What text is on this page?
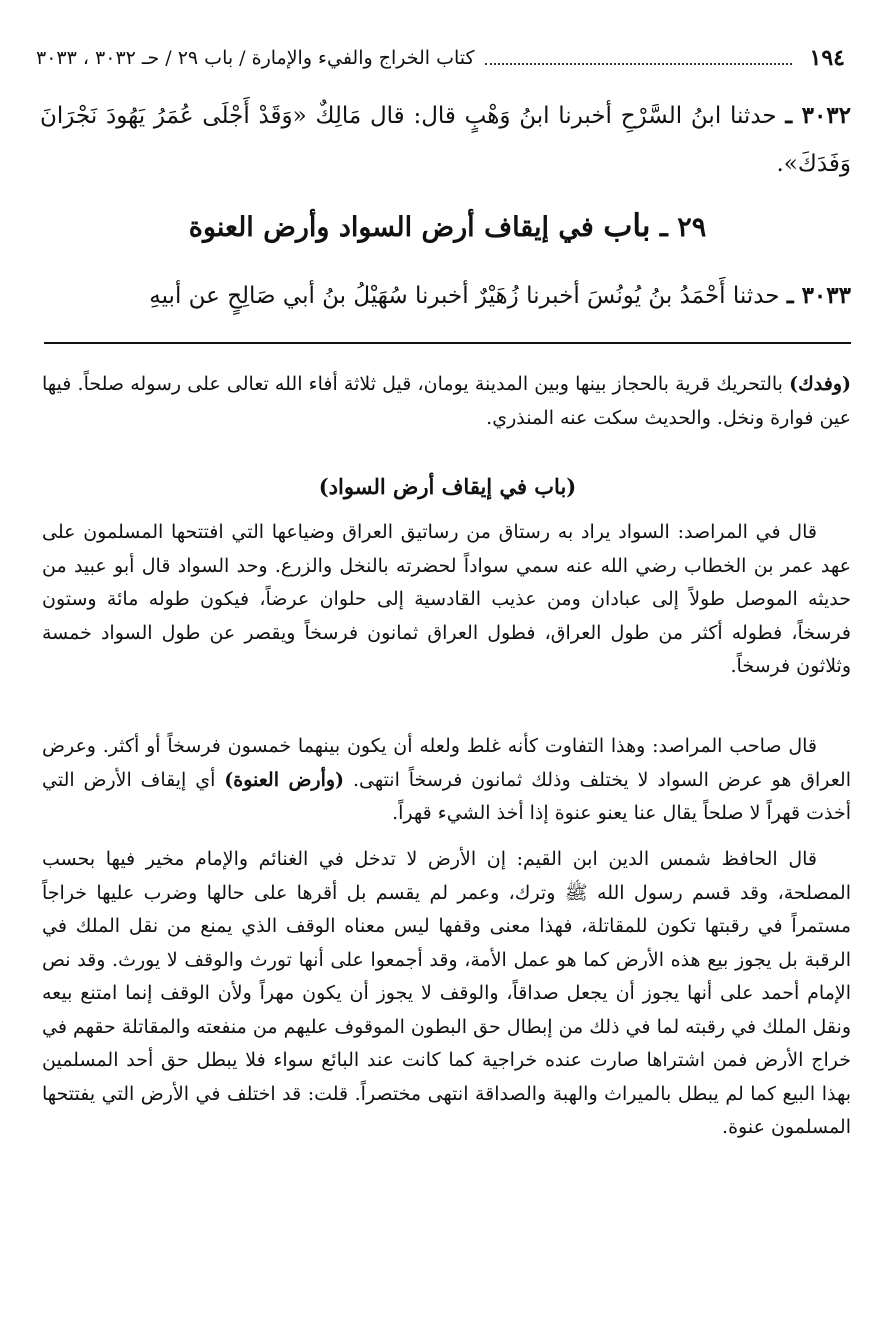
١٩٤
كتاب الخراج والفيء والإمارة / باب ٢٩ / حـ ٣٠٣٢ ، ٣٠٣٣
٣٠٣٢ ـ حدثنا ابنُ السَّرْحِ أخبرنا ابنُ وَهْبٍ قال: قال مَالِكٌ «وَقَدْ أَجْلَى عُمَرُ يَهُودَ نَجْرَانَ وَفَدَكَ».
٢٩ ـ باب في إيقاف أرض السواد وأرض العنوة
٣٠٣٣ ـ حدثنا أَحْمَدُ بنُ يُونُسَ أخبرنا زُهَيْرٌ أخبرنا سُهَيْلُ بنُ أبي صَالِحٍ عن أبيهِ

(وفدك) بالتحريك قرية بالحجاز بينها وبين المدينة يومان، قيل ثلاثة أفاء الله تعالى على رسوله صلحاً. فيها عين فوارة ونخل. والحديث سكت عنه المنذري.

(باب في إيقاف أرض السواد)

قال في المراصد: السواد يراد به رستاق من رساتيق العراق وضياعها التي افتتحها المسلمون على عهد عمر بن الخطاب رضي الله عنه سمي سواداً لحضرته بالنخل والزرع. وحد السواد قال أبو عبيد من حديثه الموصل طولاً إلى عبادان ومن عذيب القادسية إلى حلوان عرضاً، فيكون طوله مائة وستون فرسخاً، فطوله أكثر من طول العراق، فطول العراق ثمانون فرسخاً ويقصر عن طول السواد خمسة وثلاثون فرسخاً.

قال صاحب المراصد: وهذا التفاوت كأنه غلط ولعله أن يكون بينهما خمسون فرسخاً أو أكثر. وعرض العراق هو عرض السواد لا يختلف وذلك ثمانون فرسخاً انتهى. (وأرض العنوة) أي إيقاف الأرض التي أخذت قهراً لا صلحاً يقال عنا يعنو عنوة إذا أخذ الشيء قهراً.

قال الحافظ شمس الدين ابن القيم: إن الأرض لا تدخل في الغنائم والإمام مخير فيها بحسب المصلحة، وقد قسم رسول الله ﷺ وترك، وعمر لم يقسم بل أقرها على حالها وضرب عليها خراجاً مستمراً في رقبتها تكون للمقاتلة، فهذا معنى وقفها ليس معناه الوقف الذي يمنع من نقل الملك في الرقبة بل يجوز بيع هذه الأرض كما هو عمل الأمة، وقد أجمعوا على أنها تورث والوقف لا يورث. وقد نص الإمام أحمد على أنها يجوز أن يجعل صداقاً، والوقف لا يجوز أن يكون مهراً ولأن الوقف إنما امتنع بيعه ونقل الملك في رقبته لما في ذلك من إبطال حق البطون الموقوف عليهم من منفعته والمقاتلة حقهم في خراج الأرض فمن اشتراها صارت عنده خراجية كما كانت عند البائع سواء فلا يبطل حق أحد المسلمين بهذا البيع كما لم يبطل بالميراث والهبة والصداقة انتهى مختصراً. قلت: قد اختلف في الأرض التي يفتتحها المسلمون عنوة.
